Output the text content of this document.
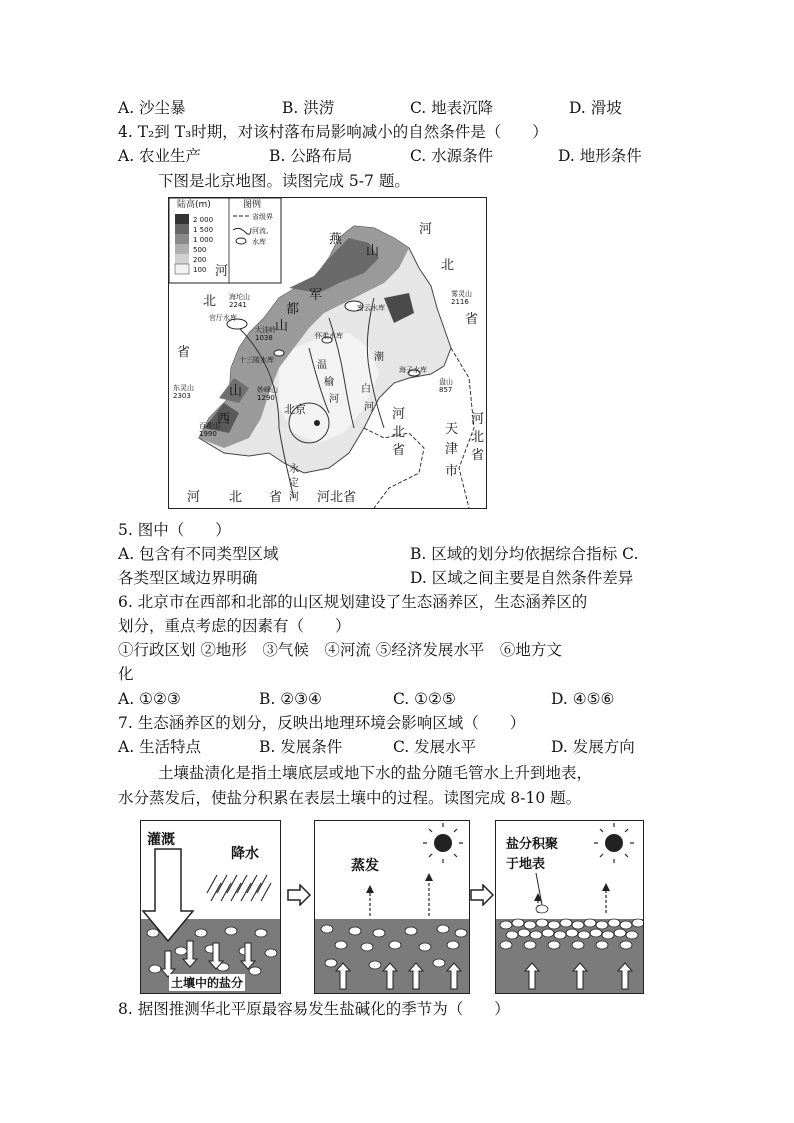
A. 沙尘暴	B. 洪涝	C. 地表沉降	D. 滑坡
4. T₂到 T₃时期，对该村落布局影响减小的自然条件是（　　）
A. 农业生产	B. 公路布局	C. 水源条件	D. 地形条件
下图是北京地图。读图完成 5-7 题。
陆高(m)
2 000
1 500
1 000
500
200
100
图例
省级界
河流、
水库
河
北
省
河
北
省
河
北
省
河 北 省	河北省
河
北
省
天
津
市
燕
山
军
都
山
西
山
北京
海坨山
2241
雾灵山
2116
大洼岭
1038
东灵山
2303
妙峰山
1290
百花山
1990
盘山
857
官厅水库
密云水库
怀柔水库
十三陵水库
海子水库
潮
白
河
温
榆
河
永
定
河
5. 图中（　　）
A. 包含有不同类型区域	B. 区域的划分均依据综合指标 C.
各类型区域边界明确	D. 区域之间主要是自然条件差异
6. 北京市在西部和北部的山区规划建设了生态涵养区，生态涵养区的
划分，重点考虑的因素有（　　）
①行政区划 ②地形　③气候　④河流 ⑤经济发展水平　⑥地方文
化
A. ①②③	B. ②③④	C. ①②⑤	D. ④⑤⑥
7. 生态涵养区的划分，反映出地理环境会影响区域（　　）
A. 生活特点	B. 发展条件	C. 发展水平	D. 发展方向
土壤盐渍化是指土壤底层或地下水的盐分随毛管水上升到地表，
水分蒸发后，使盐分积累在表层土壤中的过程。读图完成 8-10 题。
灌溉
降水
土壤中的盐分
蒸发
盐分积聚
于地表
8. 据图推测华北平原最容易发生盐碱化的季节为（　　）
